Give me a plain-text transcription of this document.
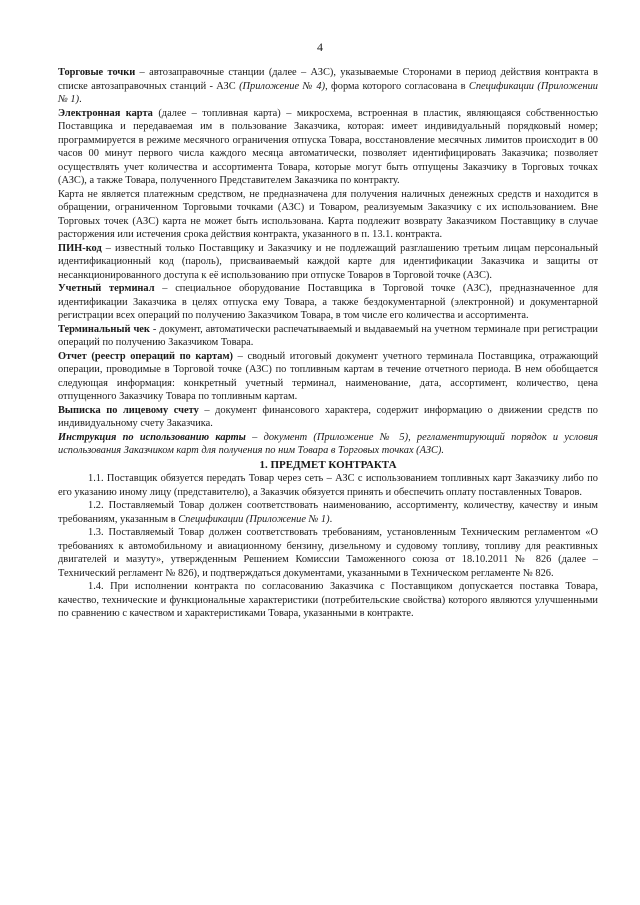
4

Торговые точки – автозаправочные станции (далее – АЗС), указываемые Сторонами в период действия контракта в списке автозаправочных станций - АЗС (Приложение № 4), форма которого согласована в Спецификации (Приложении № 1).

Электронная карта (далее – топливная карта) – микросхема, встроенная в пластик, являющаяся собственностью Поставщика и передаваемая им в пользование Заказчика, которая: имеет индивидуальный порядковый номер; программируется в режиме месячного ограничения отпуска Товара, восстановление месячных лимитов происходит в 00 часов 00 минут первого числа каждого месяца автоматически, позволяет идентифицировать Заказчика; позволяет осуществлять учет количества и ассортимента Товара, которые могут быть отпущены Заказчику в Торговых точках (АЗС), а также Товара, полученного Представителем Заказчика по контракту.

Карта не является платежным средством, не предназначена для получения наличных денежных средств и находится в обращении, ограниченном Торговыми точками (АЗС) и Товаром, реализуемым Заказчику с их использованием. Вне Торговых точек (АЗС) карта не может быть использована. Карта подлежит возврату Заказчиком Поставщику в случае расторжения или истечения срока действия контракта, указанного в п. 13.1. контракта.

ПИН-код – известный только Поставщику и Заказчику и не подлежащий разглашению третьим лицам персональный идентификационный код (пароль), присваиваемый каждой карте для идентификации Заказчика и защиты от несанкционированного доступа к её использованию при отпуске Товаров в Торговой точке (АЗС).

Учетный терминал – специальное оборудование Поставщика в Торговой точке (АЗС), предназначенное для идентификации Заказчика в целях отпуска ему Товара, а также бездокументарной (электронной) и документарной регистрации всех операций по получению Заказчиком Товара, в том числе его количества и ассортимента.

Терминальный чек - документ, автоматически распечатываемый и выдаваемый на учетном терминале при регистрации операций по получению Заказчиком Товара.

Отчет (реестр операций по картам) – сводный итоговый документ учетного терминала Поставщика, отражающий операции, проводимые в Торговой точке (АЗС) по топливным картам в течение отчетного периода. В нем обобщается следующая информация: конкретный учетный терминал, наименование, дата, ассортимент, количество, цена отпущенного Заказчику Товара по топливным картам.

Выписка по лицевому счету – документ финансового характера, содержит информацию о движении средств по индивидуальному счету Заказчика.

Инструкция по использованию карты – документ (Приложение № 5), регламентирующий порядок и условия использования Заказчиком карт для получения по ним Товара в Торговых точках (АЗС).

1. ПРЕДМЕТ КОНТРАКТА

1.1. Поставщик обязуется передать Товар через сеть – АЗС с использованием топливных карт Заказчику либо по его указанию иному лицу (представителю), а Заказчик обязуется принять и обеспечить оплату поставленных Товаров.

1.2. Поставляемый Товар должен соответствовать наименованию, ассортименту, количеству, качеству и иным требованиям, указанным в Спецификации (Приложение № 1).

1.3. Поставляемый Товар должен соответствовать требованиям, установленным Техническим регламентом «О требованиях к автомобильному и авиационному бензину, дизельному и судовому топливу, топливу для реактивных двигателей и мазуту», утвержденным Решением Комиссии Таможенного союза от 18.10.2011 № 826 (далее – Технический регламент № 826), и подтверждаться документами, указанными в Техническом регламенте № 826.

1.4. При исполнении контракта по согласованию Заказчика с Поставщиком допускается поставка Товара, качество, технические и функциональные характеристики (потребительские свойства) которого являются улучшенными по сравнению с качеством и характеристиками Товара, указанными в контракте.
